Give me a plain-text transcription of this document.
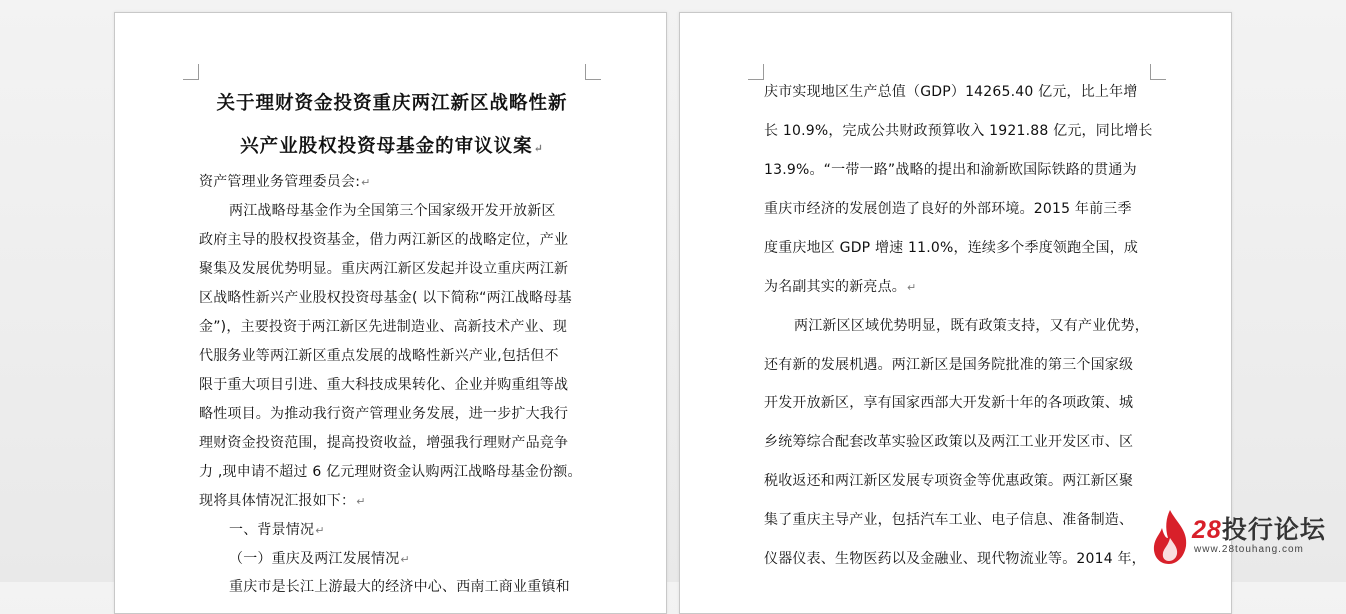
关于理财资金投资重庆两江新区战略性新
兴产业股权投资母基金的审议议案↵
资产管理业务管理委员会:↵
两江战略母基金作为全国第三个国家级开发开放新区
政府主导的股权投资基金，借力两江新区的战略定位，产业
聚集及发展优势明显。重庆两江新区发起并设立重庆两江新
区战略性新兴产业股权投资母基金( 以下简称“两江战略母基
金”)，主要投资于两江新区先进制造业、高新技术产业、现
代服务业等两江新区重点发展的战略性新兴产业,包括但不
限于重大项目引进、重大科技成果转化、企业并购重组等战
略性项目。为推动我行资产管理业务发展，进一步扩大我行
理财资金投资范围，提高投资收益，增强我行理财产品竞争
力 ,现申请不超过 6 亿元理财资金认购两江战略母基金份额。
现将具体情况汇报如下：↵
一、背景情况↵
（一）重庆及两江发展情况↵
重庆市是长江上游最大的经济中心、西南工商业重镇和
庆市实现地区生产总值（GDP）14265.40 亿元，比上年增
长 10.9%，完成公共财政预算收入 1921.88 亿元，同比增长
13.9%。“一带一路”战略的提出和渝新欧国际铁路的贯通为
重庆市经济的发展创造了良好的外部环境。2015 年前三季
度重庆地区 GDP 增速 11.0%，连续多个季度领跑全国，成
为名副其实的新亮点。↵
两江新区区域优势明显，既有政策支持，又有产业优势，
还有新的发展机遇。两江新区是国务院批准的第三个国家级
开发开放新区，享有国家西部大开发新十年的各项政策、城
乡统筹综合配套改革实验区政策以及两江工业开发区市、区
税收返还和两江新区发展专项资金等优惠政策。两江新区聚
集了重庆主导产业，包括汽车工业、电子信息、准备制造、
仪器仪表、生物医药以及金融业、现代物流业等。2014 年，
28投行论坛
www.28touhang.com
